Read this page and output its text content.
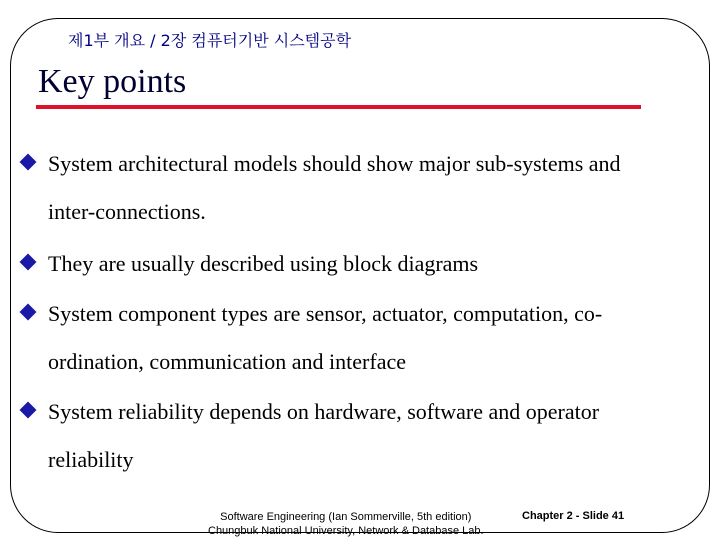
제1부 개요 / 2장 컴퓨터기반 시스템공학
Key points
System architectural models should show major sub-systems and
inter-connections.
They are usually described using block diagrams
System component types are sensor, actuator, computation, co-
ordination, communication and interface
System reliability depends on hardware, software and operator
reliability
Software Engineering (Ian Sommerville, 5th edition)
Chungbuk National University, Network & Database Lab.
Chapter 2 - Slide 41
